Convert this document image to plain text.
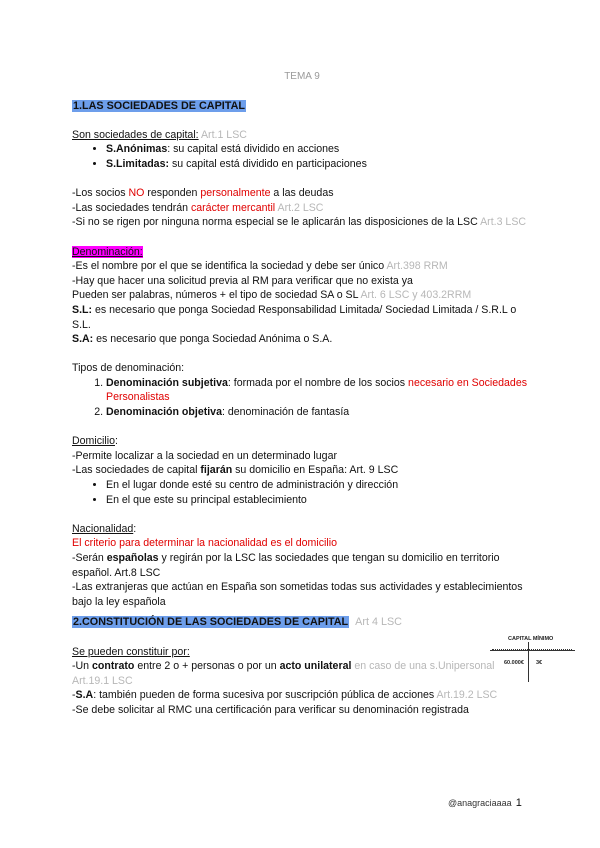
TEMA 9

1.LAS SOCIEDADES DE CAPITAL

Son sociedades de capital: Art.1 LSC

• S.Anónimas: su capital está dividido en acciones
• S.Limitadas: su capital está dividido en participaciones

-Los socios NO responden personalmente a las deudas

-Las sociedades tendrán carácter mercantil Art.2 LSC

-Si no se rigen por ninguna norma especial se le aplicarán las disposiciones de la LSC Art.3 LSC

Denominación:

-Es el nombre por el que se identifica la sociedad y debe ser único Art.398 RRM

-Hay que hacer una solicitud previa al RM para verificar que no exista ya

Pueden ser palabras, números + el tipo de sociedad SA o SL Art. 6 LSC y 403.2RRM

S.L: es necesario que ponga Sociedad Responsabilidad Limitada/ Sociedad Limitada / S.R.L o S.L.

S.A: es necesario que ponga Sociedad Anónima o S.A.

Tipos de denominación:

1. Denominación subjetiva: formada por el nombre de los socios necesario en Sociedades Personalistas
2. Denominación objetiva: denominación de fantasía

Domicilio:

-Permite localizar a la sociedad en un determinado lugar

-Las sociedades de capital fijarán su domicilio en España: Art. 9 LSC

• En el lugar donde esté su centro de administración y dirección
• En el que este su principal establecimiento

Nacionalidad:

El criterio para determinar la nacionalidad es el domicilio

-Serán españolas y regirán por la LSC las sociedades que tengan su domicilio en territorio español. Art.8 LSC

-Las extranjeras que actúan en España son sometidas todas sus actividades y establecimientos bajo la ley española

2.CONSTITUCIÓN DE LAS SOCIEDADES DE CAPITAL Art 4 LSC

Se pueden constituir por:

-Un contrato entre 2 o + personas o por un acto unilateral en caso de una s.Unipersonal Art.19.1 LSC

-S.A: también pueden de forma sucesiva por suscripción pública de acciones Art.19.2 LSC

-Se debe solicitar al RMC una certificación para verificar su denominación registrada

CAPITAL MÍNIMO
60.000€ 3€
@anagraciaaaa 1
